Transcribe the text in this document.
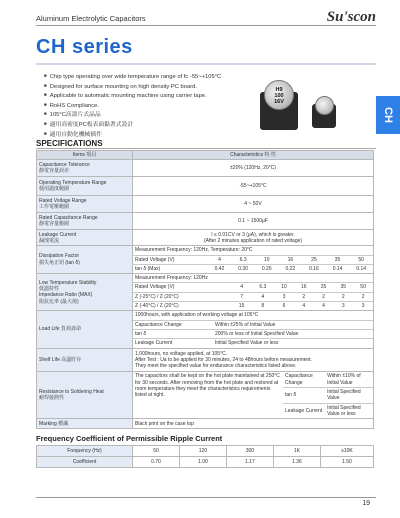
Aluminum Electrolytic Capacitors	Su'scon
CH series
CH
■ Chip type operating over wide temperature range of fc -55~+105°C
■ Designed for surface mounting on high density PC board.
■ Applicable to automatic mounting machine using carrier tape.
■ RoHS Compliance.
■ 105°C高溫片式晶品
■ 適用高密度PC板表面黏著式設計
■ 適用自動化機械插件
H9
100
16V
SPECIFICATIONS
Items 項目	Characteristics 特 性
Capacitance Tolerance
靜電容量誤差	±20% (120Hz, 20°C)
Operating Temperature Range
使用溫度範圍	-55~+105°C
Rated Voltage Range
工作電壓範圍	4 ~ 50V
Rated Capacitance Range
靜電容量範圍	0.1 ~ 1500μF
Leakage Current
漏洩電流	
I ≤ 0.01CV or 3 (μA), which is greater.
(After 2 minutes application of rated voltage)

Dissipation Factor
損失角正切 (tan δ)	
Measurement Frequency: 120Hz, Temperature: 20°C
Rated Voltage (V)	4	6.3	10	16	25	35	50
tan δ (Max)	0.42	0.30	0.26	0.22	0.16	0.14	0.14

Low Temperature Stability
低溫特性
Impedance Ratio (MAX)
阻抗比率 (最大值)	
Measurement Frequency: 120Hz
Rated Voltage (V)	4	6.3	10	16	25	35	50
Z (-25°C) / Z (20°C)	7	4	3	2	2	2	2
Z (-40°C) / Z (20°C)	15	8	6	4	4	3	3

Load Life 負荷壽命	
1000hours, with application of working voltage at 105°C
Capacitance Change	Within ±25% of Initial Value
tan δ	200% or less of Initial Specified Value
Leakage Current	Initial Specified Value or less

Shelf Life 高溫貯存	
1,000hours, no voltage applied, at 105°C.
After Test : Ua to be applied for 30 minutes, 24 to 48hours before measurement.
They meet the specified value for endurance characteristics listed above.

Resistance to Soldering Heat
耐焊接熱性	
The capacitors shall be kept on the hot plate maintained at 250°C for 30 seconds. After removing from the hot plate and restored at room temperature they meet the characteristics requirements listed at right.	Capacitance Change	Within ±10% of Initial Value
tan δ	Initial Specified Value
Leakage Current	Initial Specified Value or less

Marking 標識	Black print on the case top
Frequency Coefficient of Permissible Ripple Current
Frequency (Hz)	50	120	300	1K	≥10K
Coefficient	0.70	1.00	1.17	1.36	1.50
19
